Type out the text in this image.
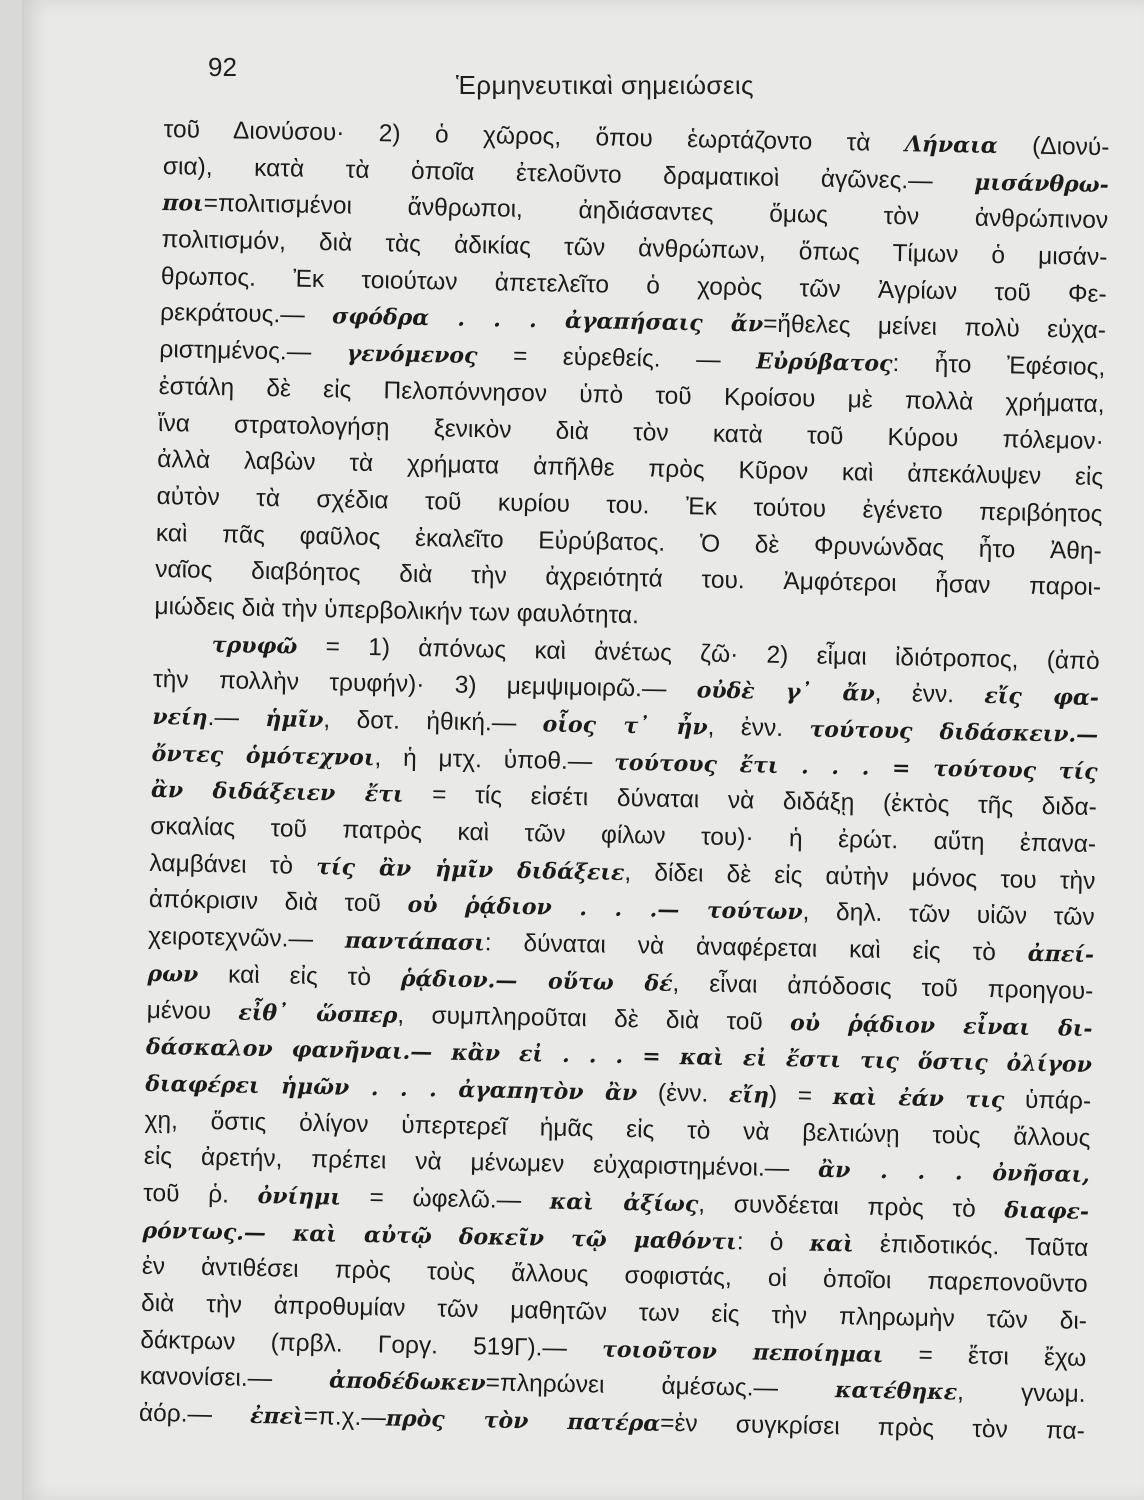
92
Ἑρμηνευτικαὶ σημειώσεις
τοῦ Διονύσου· 2) ὁ χῶρος, ὅπου ἑωρτάζοντο τὰ Λήναια (Διονύ-
σια), κατὰ τὰ ὁποῖα ἐτελοῦντο δραματικοὶ ἀγῶνες.— μισάνθρω-
ποι=πολιτισμένοι ἄνθρωποι, ἀηδιάσαντες ὅμως τὸν ἀνθρώπινον
πολιτισμόν, διὰ τὰς ἀδικίας τῶν ἀνθρώπων, ὅπως Τίμων ὁ μισάν-
θρωπος. Ἐκ τοιούτων ἀπετελεῖτο ὁ χορὸς τῶν Ἀγρίων τοῦ Φε-
ρεκράτους.— σφόδρα . . . ἀγαπήσαις ἄν=ἤθελες μείνει πολὺ εὐχα-
ριστημένος.— γενόμενος = εὑρεθείς. — Εὐρύβατος: ἦτο Ἐφέσιος,
ἐστάλη δὲ εἰς Πελοπόννησον ὑπὸ τοῦ Κροίσου μὲ πολλὰ χρήματα,
ἵνα στρατολογήσῃ ξενικὸν διὰ τὸν κατὰ τοῦ Κύρου πόλεμον·
ἀλλὰ λαβὼν τὰ χρήματα ἀπῆλθε πρὸς Κῦρον καὶ ἀπεκάλυψεν εἰς
αὐτὸν τὰ σχέδια τοῦ κυρίου του. Ἐκ τούτου ἐγένετο περιβόητος
καὶ πᾶς φαῦλος ἐκαλεῖτο Εὐρύβατος. Ὁ δὲ Φρυνώνδας ἦτο Ἀθη-
ναῖος διαβόητος διὰ τὴν ἀχρειότητά του. Ἀμφότεροι ἦσαν παροι-
μιώδεις διὰ τὴν ὑπερβολικήν των φαυλότητα.
τρυφῶ = 1) ἀπόνως καὶ ἀνέτως ζῶ· 2) εἶμαι ἰδιότροπος, (ἀπὸ
τὴν πολλὴν τρυφήν)· 3) μεμψιμοιρῶ.— οὐδὲ γ᾽ ἄν, ἐνν. εἴς φα-
νείη.— ἡμῖν, δοτ. ἠθική.— οἷος τ᾽ ἦν, ἐνν. τούτους διδάσκειν.—
ὄντες ὁμότεχνοι, ἡ μτχ. ὑποθ.— τούτους ἔτι . . . = τούτους τίς
ἂν διδάξειεν ἔτι = τίς εἰσέτι δύναται νὰ διδάξῃ (ἐκτὸς τῆς διδα-
σκαλίας τοῦ πατρὸς καὶ τῶν φίλων του)· ἡ ἐρώτ. αὕτη ἐπανα-
λαμβάνει τὸ τίς ἂν ἡμῖν διδάξειε, δίδει δὲ εἰς αὐτὴν μόνος του τὴν
ἀπόκρισιν διὰ τοῦ οὐ ῥᾴδιον . . .— τούτων, δηλ. τῶν υἱῶν τῶν
χειροτεχνῶν.— παντάπασι: δύναται νὰ ἀναφέρεται καὶ εἰς τὸ ἀπεί-
ρων καὶ εἰς τὸ ῥᾴδιον.— οὕτω δέ, εἶναι ἀπόδοσις τοῦ προηγου-
μένου εἶθ᾽ ὥσπερ, συμπληροῦται δὲ διὰ τοῦ οὐ ῥᾴδιον εἶναι δι-
δάσκαλον φανῆναι.— κἂν εἰ . . . = καὶ εἰ ἔστι τις ὅστις ὀλίγον
διαφέρει ἡμῶν . . . ἀγαπητὸν ἂν (ἐνν. εἴη) = καὶ ἐάν τις ὑπάρ-
χῃ, ὅστις ὀλίγον ὑπερτερεῖ ἡμᾶς εἰς τὸ νὰ βελτιώνῃ τοὺς ἄλλους
εἰς ἀρετήν, πρέπει νὰ μένωμεν εὐχαριστημένοι.— ἂν . . . ὀνῆσαι,
τοῦ ῥ. ὀνίημι = ὠφελῶ.— καὶ ἀξίως, συνδέεται πρὸς τὸ διαφε-
ρόντως.— καὶ αὐτῷ δοκεῖν τῷ μαθόντι: ὁ καὶ ἐπιδοτικός. Ταῦτα
ἐν ἀντιθέσει πρὸς τοὺς ἄλλους σοφιστάς, οἱ ὁποῖοι παρεπονοῦντο
διὰ τὴν ἀπροθυμίαν τῶν μαθητῶν των εἰς τὴν πληρωμὴν τῶν δι-
δάκτρων (πρβλ. Γοργ. 519Γ).— τοιοῦτον πεποίημαι = ἔτσι ἔχω
κανονίσει.— ἀποδέδωκεν=πληρώνει ἀμέσως.— κατέθηκε, γνωμ.
ἀόρ.— ἐπεὶ=π.χ.—πρὸς τὸν πατέρα=ἐν συγκρίσει πρὸς τὸν πα-
